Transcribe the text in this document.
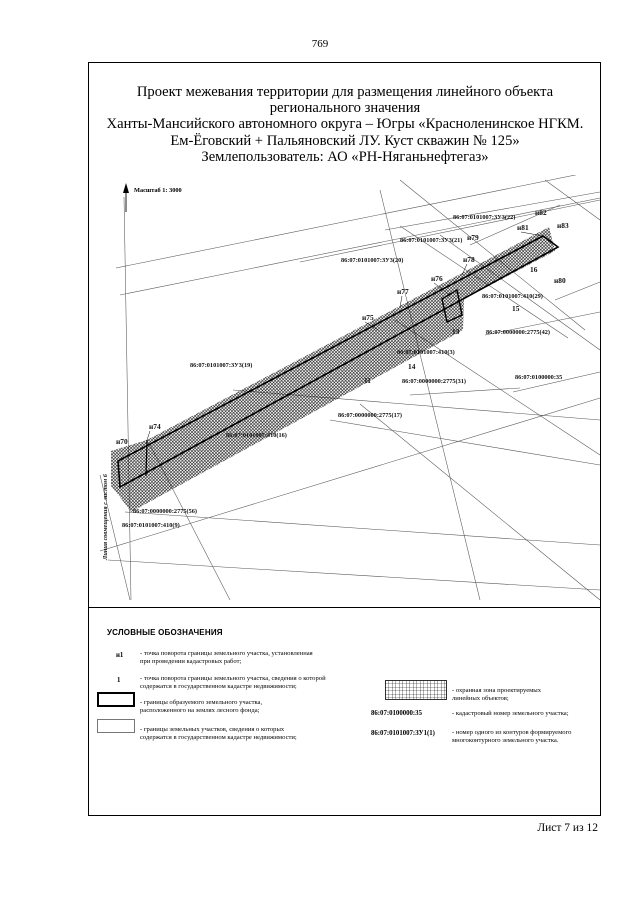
769
Проект межевания территории для размещения линейного объекта
регионального значения
Ханты-Мансийского автономного округа – Югры «Красноленинское НГКМ.
Ем-Ёговский + Пальяновский ЛУ. Куст скважин № 125»
Землепользователь: АО «РН-Няганьнефтегаз»
Масштаб 1: 3000
Линия совмещения с листом 6
н70
н74
н75
н76
н77
н78
н79
н80
н81
н82
н83
11
13
14
15
16
86:07:0101007:ЗУ3(22)
86:07:0101007:ЗУ3(21)
86:07:0101007:ЗУ3(20)
86:07:0101007:410(29)
86:07:0000000:2775(42)
86:07:0101007:410(3)
86:07:0101007:ЗУ3(19)
86:07:0000000:2775(31)
86:07:0100000:35
86:07:0000000:2775(17)
86:07:0101007:410(16)
86:07:0000000:2775(56)
86:07:0101007:410(9)
УСЛОВНЫЕ ОБОЗНАЧЕНИЯ
н1	- точка поворота границы земельного участка, установленная
при проведении кадастровых работ;
1	- точка поворота границы земельного участка, сведения о которой
содержатся в государственном кадастре недвижимости;
- границы образуемого земельного участка,
расположенного на землях лесного фонда;
- границы земельных участков, сведения о которых
содержатся в государственном кадастре недвижимости;
- охранная зона проектируемых
линейных объектов;
86:07:0100000:35	- кадастровый номер земельного участка;
86:07:0101007:ЗУ1(1)	- номер одного из контуров формируемого
многоконтурного земельного участка.
Лист 7 из 12
